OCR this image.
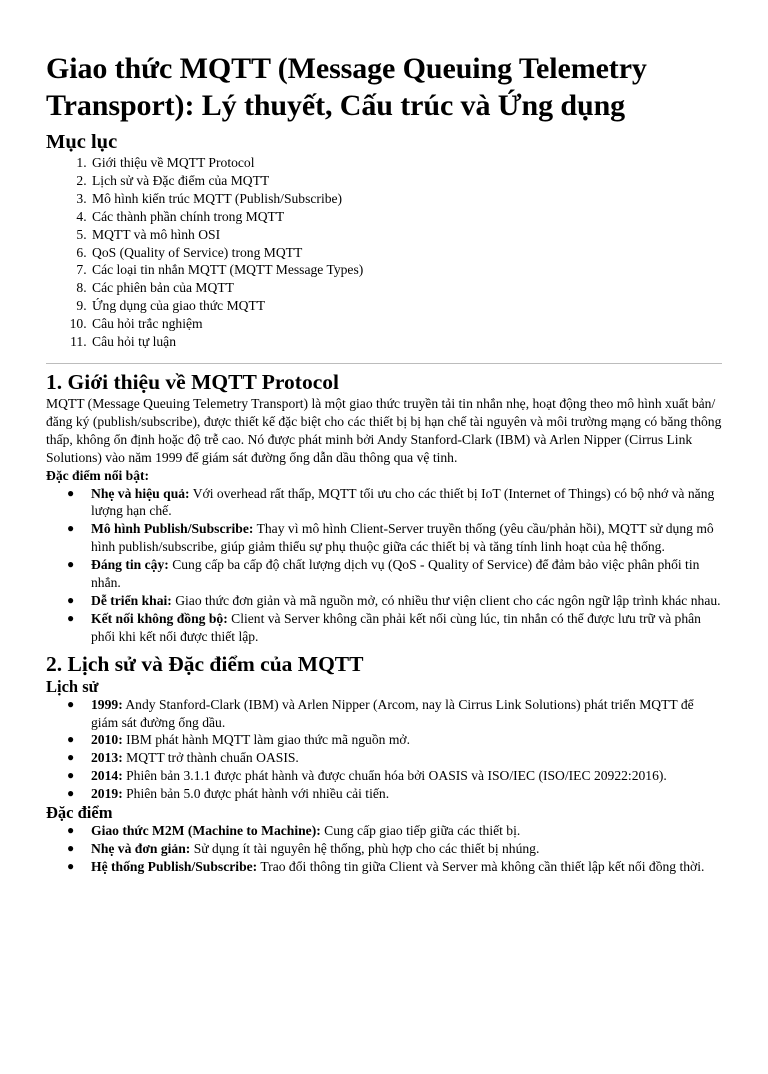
Giao thức MQTT (Message Queuing Telemetry Transport): Lý thuyết, Cấu trúc và Ứng dụng
Mục lục
1. Giới thiệu về MQTT Protocol
2. Lịch sử và Đặc điểm của MQTT
3. Mô hình kiến trúc MQTT (Publish/Subscribe)
4. Các thành phần chính trong MQTT
5. MQTT và mô hình OSI
6. QoS (Quality of Service) trong MQTT
7. Các loại tin nhắn MQTT (MQTT Message Types)
8. Các phiên bản của MQTT
9. Ứng dụng của giao thức MQTT
10. Câu hỏi trắc nghiệm
11. Câu hỏi tự luận
1. Giới thiệu về MQTT Protocol

MQTT (Message Queuing Telemetry Transport) là một giao thức truyền tải tin nhắn nhẹ, hoạt động theo mô hình xuất bản/đăng ký (publish/subscribe), được thiết kế đặc biệt cho các thiết bị bị hạn chế tài nguyên và môi trường mạng có băng thông thấp, không ổn định hoặc độ trễ cao. Nó được phát minh bởi Andy Stanford-Clark (IBM) và Arlen Nipper (Cirrus Link Solutions) vào năm 1999 để giám sát đường ống dẫn dầu thông qua vệ tinh.

Đặc điểm nổi bật:
● Nhẹ và hiệu quả: Với overhead rất thấp, MQTT tối ưu cho các thiết bị IoT (Internet of Things) có bộ nhớ và năng lượng hạn chế.
● Mô hình Publish/Subscribe: Thay vì mô hình Client-Server truyền thống (yêu cầu/phản hồi), MQTT sử dụng mô hình publish/subscribe, giúp giảm thiểu sự phụ thuộc giữa các thiết bị và tăng tính linh hoạt của hệ thống.
● Đáng tin cậy: Cung cấp ba cấp độ chất lượng dịch vụ (QoS - Quality of Service) để đảm bảo việc phân phối tin nhắn.
● Dễ triển khai: Giao thức đơn giản và mã nguồn mở, có nhiều thư viện client cho các ngôn ngữ lập trình khác nhau.
● Kết nối không đồng bộ: Client và Server không cần phải kết nối cùng lúc, tin nhắn có thể được lưu trữ và phân phối khi kết nối được thiết lập.
2. Lịch sử và Đặc điểm của MQTT
Lịch sử
● 1999: Andy Stanford-Clark (IBM) và Arlen Nipper (Arcom, nay là Cirrus Link Solutions) phát triển MQTT để giám sát đường ống dầu.
● 2010: IBM phát hành MQTT làm giao thức mã nguồn mở.
● 2013: MQTT trở thành chuẩn OASIS.
● 2014: Phiên bản 3.1.1 được phát hành và được chuẩn hóa bởi OASIS và ISO/IEC (ISO/IEC 20922:2016).
● 2019: Phiên bản 5.0 được phát hành với nhiều cải tiến.
Đặc điểm
● Giao thức M2M (Machine to Machine): Cung cấp giao tiếp giữa các thiết bị.
● Nhẹ và đơn giản: Sử dụng ít tài nguyên hệ thống, phù hợp cho các thiết bị nhúng.
● Hệ thống Publish/Subscribe: Trao đổi thông tin giữa Client và Server mà không cần thiết lập kết nối đồng thời.
